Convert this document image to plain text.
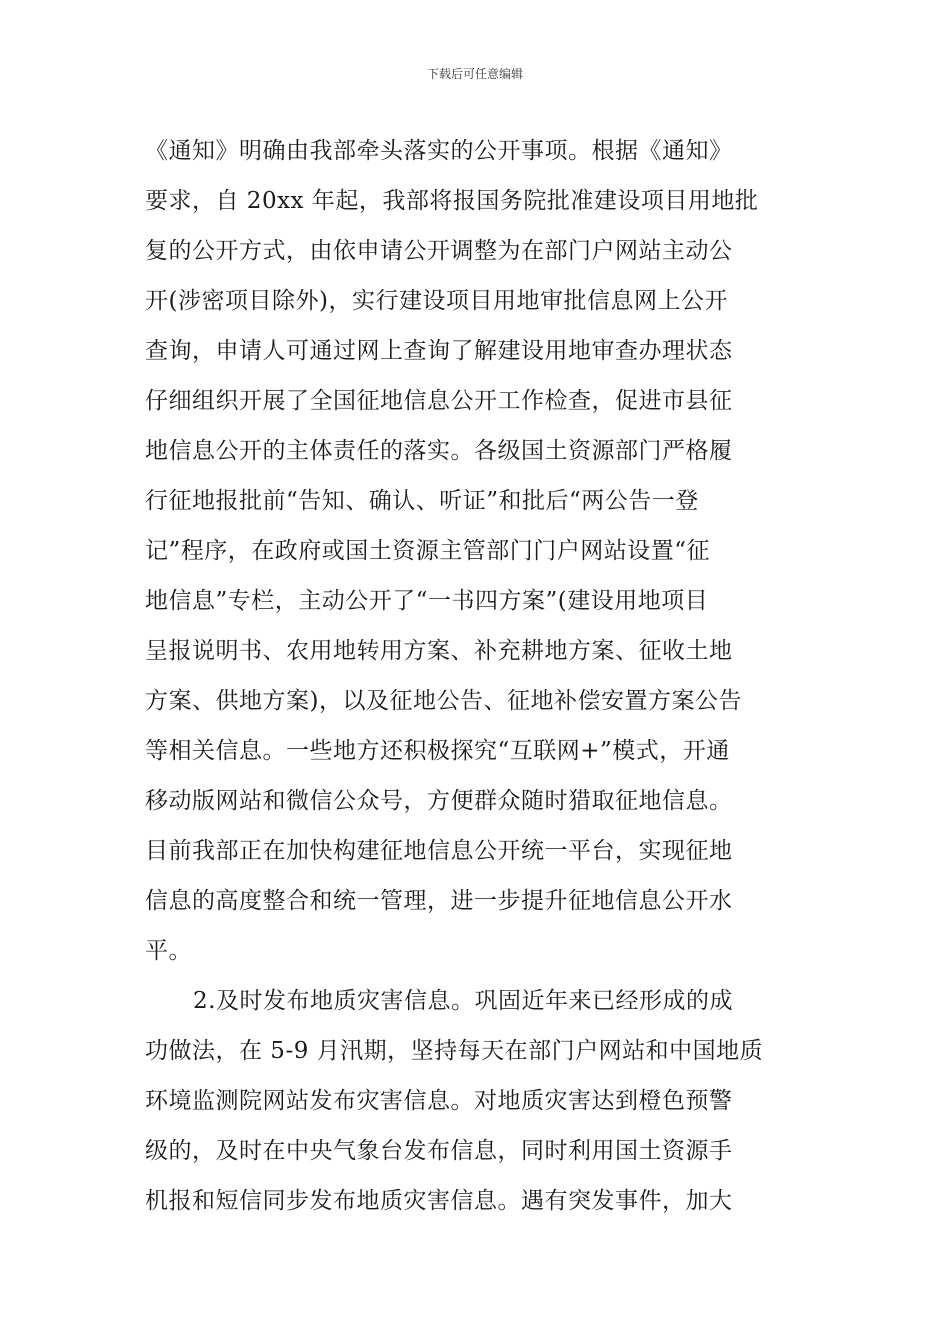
下载后可任意编辑
《通知》明确由我部牵头落实的公开事项。根据《通知》
要求，自 20xx 年起，我部将报国务院批准建设项目用地批
复的公开方式，由依申请公开调整为在部门户网站主动公
开(涉密项目除外)，实行建设项目用地审批信息网上公开
查询，申请人可通过网上查询了解建设用地审查办理状态
仔细组织开展了全国征地信息公开工作检查，促进市县征
地信息公开的主体责任的落实。各级国土资源部门严格履
行征地报批前“告知、确认、听证”和批后“两公告一登
记”程序，在政府或国土资源主管部门门户网站设置“征
地信息”专栏，主动公开了“一书四方案”(建设用地项目
呈报说明书、农用地转用方案、补充耕地方案、征收土地
方案、供地方案)，以及征地公告、征地补偿安置方案公告
等相关信息。一些地方还积极探究“互联网+”模式，开通
移动版网站和微信公众号，方便群众随时猎取征地信息。
目前我部正在加快构建征地信息公开统一平台，实现征地
信息的高度整合和统一管理，进一步提升征地信息公开水
平。
2.及时发布地质灾害信息。巩固近年来已经形成的成
功做法，在 5-9 月汛期，坚持每天在部门户网站和中国地质
环境监测院网站发布灾害信息。对地质灾害达到橙色预警
级的，及时在中央气象台发布信息，同时利用国土资源手
机报和短信同步发布地质灾害信息。遇有突发事件，加大
